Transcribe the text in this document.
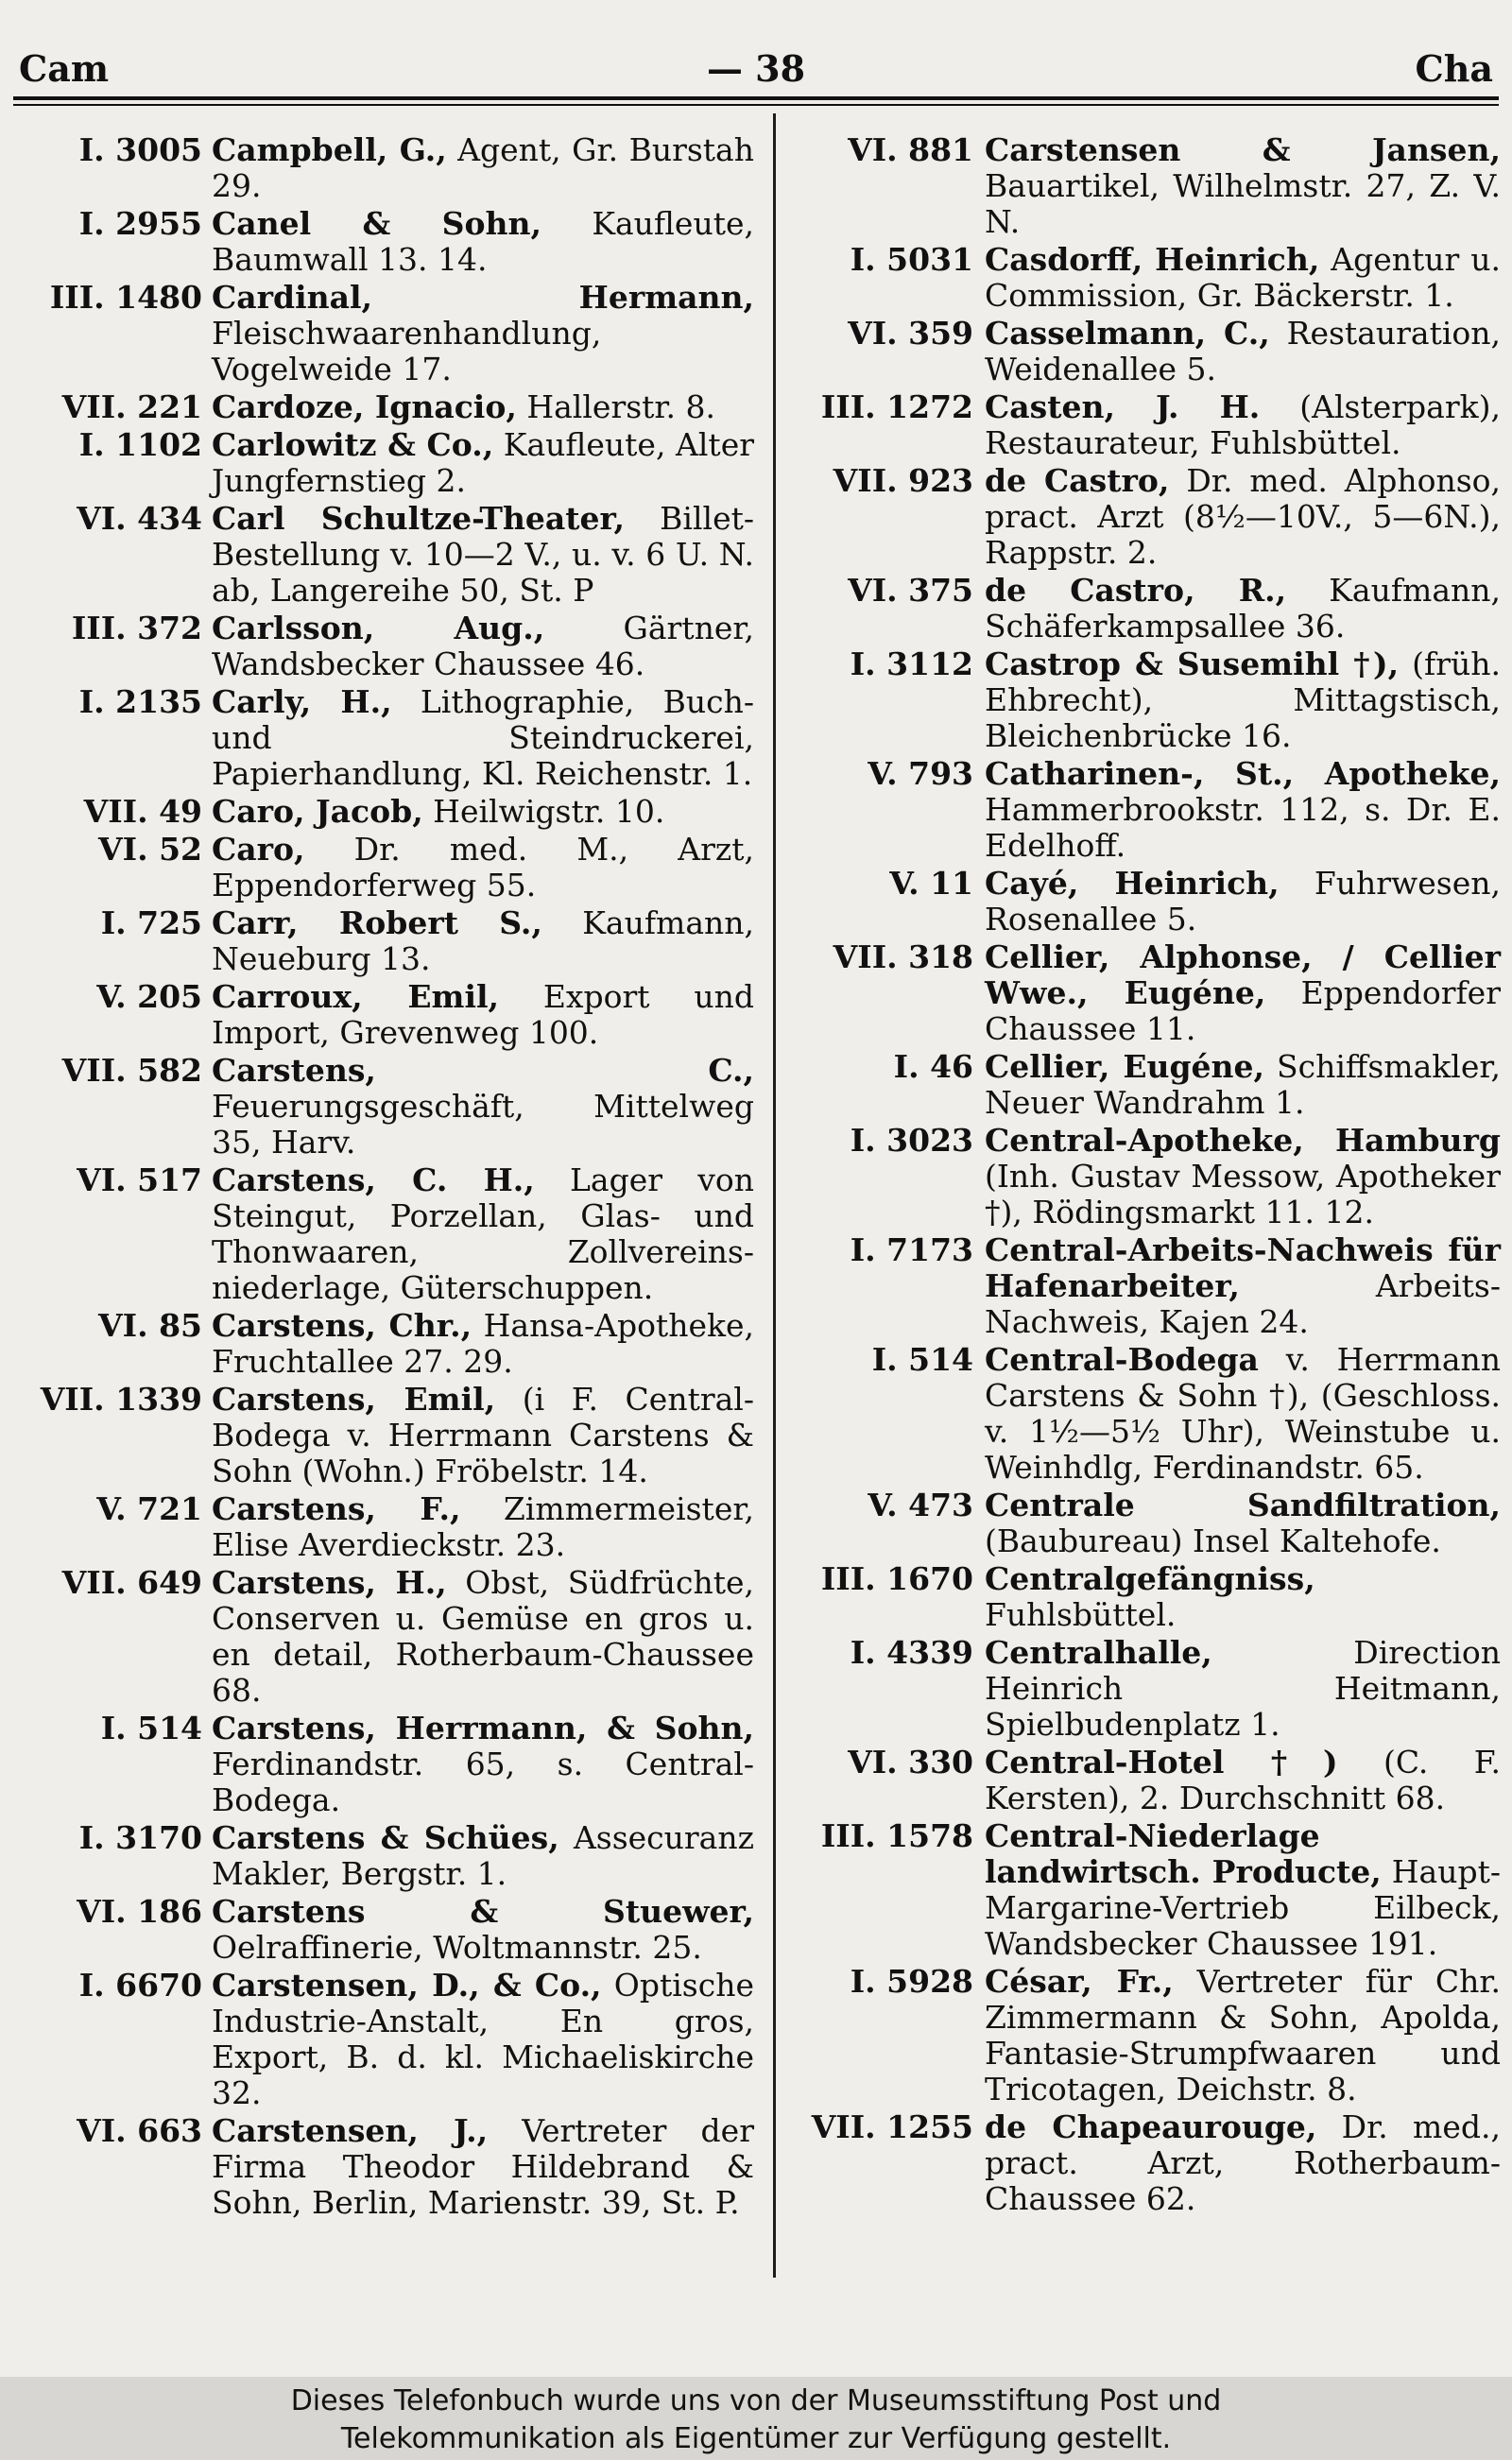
Cam	— 38	Cha
I. 3005 Campbell, G., Agent, Gr. Burstah 29.
I. 2955 Canel & Sohn, Kaufleute, Baumwall 13. 14.
III. 1480 Cardinal, Hermann, Fleischwaarenhandlung, Vogelweide 17.
VII. 221 Cardoze, Ignacio, Hallerstr. 8.
I. 1102 Carlowitz & Co., Kaufleute, Alter Jungfernstieg 2.
VI. 434 Carl Schultze-Theater, Billet-Bestellung v. 10—2 V., u. v. 6 U. N. ab, Langereihe 50, St. P
III. 372 Carlsson, Aug., Gärtner, Wandsbecker Chaussee 46.
I. 2135 Carly, H., Lithographie, Buch- und Steindruckerei, Papierhandlung, Kl. Reichenstr. 1.
VII. 49 Caro, Jacob, Heilwigstr. 10.
VI. 52 Caro, Dr. med. M., Arzt, Eppendorferweg 55.
I. 725 Carr, Robert S., Kaufmann, Neueburg 13.
V. 205 Carroux, Emil, Export und Import, Grevenweg 100.
VII. 582 Carstens, C., Feuerungsgeschäft, Mittelweg 35, Harv.
VI. 517 Carstens, C. H., Lager von Steingut, Porzellan, Glas- und Thonwaaren, Zollvereins-niederlage, Güterschuppen.
VI. 85 Carstens, Chr., Hansa-Apotheke, Fruchtallee 27. 29.
VII. 1339 Carstens, Emil, (i F. Central-Bodega v. Herrmann Carstens & Sohn (Wohn.) Fröbelstr. 14.
V. 721 Carstens, F., Zimmermeister, Elise Averdieckstr. 23.
VII. 649 Carstens, H., Obst, Südfrüchte, Conserven u. Gemüse en gros u. en detail, Rotherbaum-Chaussee 68.
I. 514 Carstens, Herrmann, & Sohn, Ferdinandstr. 65, s. Central-Bodega.
I. 3170 Carstens & Schües, Assecuranz Makler, Bergstr. 1.
VI. 186 Carstens & Stuewer, Oelraffinerie, Woltmannstr. 25.
I. 6670 Carstensen, D., & Co., Optische Industrie-Anstalt, En gros, Export, B. d. kl. Michaeliskirche 32.
VI. 663 Carstensen, J., Vertreter der Firma Theodor Hildebrand & Sohn, Berlin, Marienstr. 39, St. P.
VI. 881 Carstensen & Jansen, Bauartikel, Wilhelmstr. 27, Z. V. N.
I. 5031 Casdorff, Heinrich, Agentur u. Commission, Gr. Bäckerstr. 1.
VI. 359 Casselmann, C., Restauration, Weidenallee 5.
III. 1272 Casten, J. H. (Alsterpark), Restaurateur, Fuhlsbüttel.
VII. 923 de Castro, Dr. med. Alphonso, pract. Arzt (8½—10V., 5—6N.), Rappstr. 2.
VI. 375 de Castro, R., Kaufmann, Schäferkampsallee 36.
I. 3112 Castrop & Susemihl †), (früh. Ehbrecht), Mittagstisch, Bleichenbrücke 16.
V. 793 Catharinen-, St., Apotheke, Hammerbrookstr. 112, s. Dr. E. Edelhoff.
V. 11 Cayé, Heinrich, Fuhrwesen, Rosenallee 5.
VII. 318 Cellier, Alphonse, / Cellier Wwe., Eugéne, Eppendorfer Chaussee 11.
I. 46 Cellier, Eugéne, Schiffsmakler, Neuer Wandrahm 1.
I. 3023 Central-Apotheke, Hamburg (Inh. Gustav Messow, Apotheker †), Rödingsmarkt 11. 12.
I. 7173 Central-Arbeits-Nachweis für Hafenarbeiter, Arbeits-Nachweis, Kajen 24.
I. 514 Central-Bodega v. Herrmann Carstens & Sohn †), (Geschloss. v. 1½—5½ Uhr), Weinstube u. Weinhdlg, Ferdinandstr. 65.
V. 473 Centrale Sandfiltration, (Baubureau) Insel Kaltehofe.
III. 1670 Centralgefängniss, Fuhlsbüttel.
I. 4339 Centralhalle, Direction Heinrich Heitmann, Spielbudenplatz 1.
VI. 330 Central-Hotel †) (C. F. Kersten), 2. Durchschnitt 68.
III. 1578 Central-Niederlage landwirtsch. Producte, Haupt-Margarine-Vertrieb Eilbeck, Wandsbecker Chaussee 191.
I. 5928 César, Fr., Vertreter für Chr. Zimmermann & Sohn, Apolda, Fantasie-Strumpfwaaren und Tricotagen, Deichstr. 8.
VII. 1255 de Chapeaurouge, Dr. med., pract. Arzt, Rotherbaum-Chaussee 62.
Dieses Telefonbuch wurde uns von der Museumsstiftung Post und
Telekommunikation als Eigentümer zur Verfügung gestellt.
